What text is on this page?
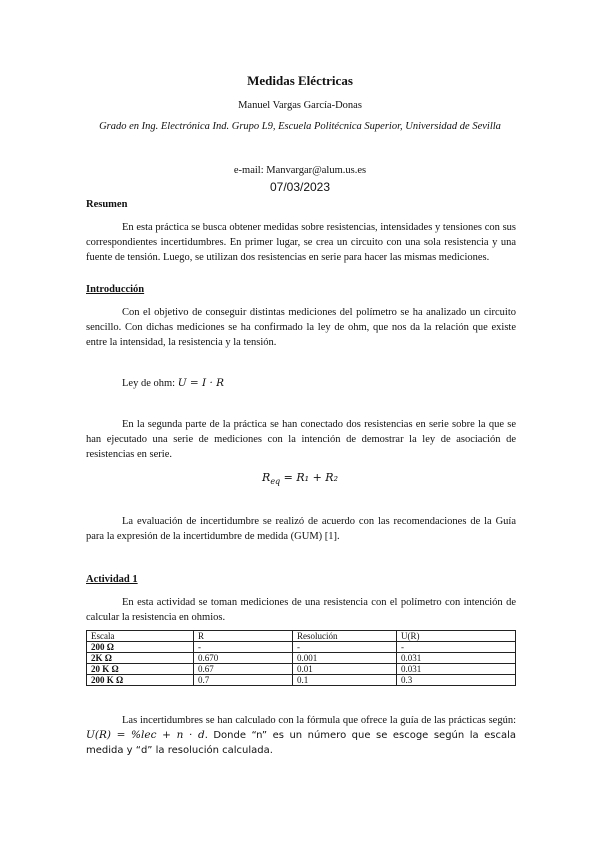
Medidas Eléctricas

Manuel Vargas García-Donas

Grado en Ing. Electrónica Ind. Grupo L9, Escuela Politécnica Superior, Universidad de Sevilla

e-mail: Manvargar@alum.us.es

07/03/2023

Resumen

En esta práctica se busca obtener medidas sobre resistencias, intensidades y tensiones con sus correspondientes incertidumbres. En primer lugar, se crea un circuito con una sola resistencia y una fuente de tensión. Luego, se utilizan dos resistencias en serie para hacer las mismas mediciones.

Introducción

Con el objetivo de conseguir distintas mediciones del polímetro se ha analizado un circuito sencillo. Con dichas mediciones se ha confirmado la ley de ohm, que nos da la relación que existe entre la intensidad, la resistencia y la tensión.

Ley de ohm: U = I · R

En la segunda parte de la práctica se han conectado dos resistencias en serie sobre la que se han ejecutado una serie de mediciones con la intención de demostrar la ley de asociación de resistencias en serie.

$R_{eq} = R_1 + R_2$

La evaluación de incertidumbre se realizó de acuerdo con las recomendaciones de la Guía para la expresión de la incertidumbre de medida (GUM) [1].

Actividad 1

En esta actividad se toman mediciones de una resistencia con el polímetro con intención de calcular la resistencia en ohmios.

Escala	R	Resolución	U(R)
200 Ω	-	-	-
2K Ω	0.670	0.001	0.031
20 K Ω	0.67	0.01	0.031
200 K Ω	0.7	0.1	0.3

Las incertidumbres se han calculado con la fórmula que ofrece la guía de las prácticas según: U(R) = %lec + n · d. Donde “n” es un número que se escoge según la escala medida y “d” la resolución calculada.
